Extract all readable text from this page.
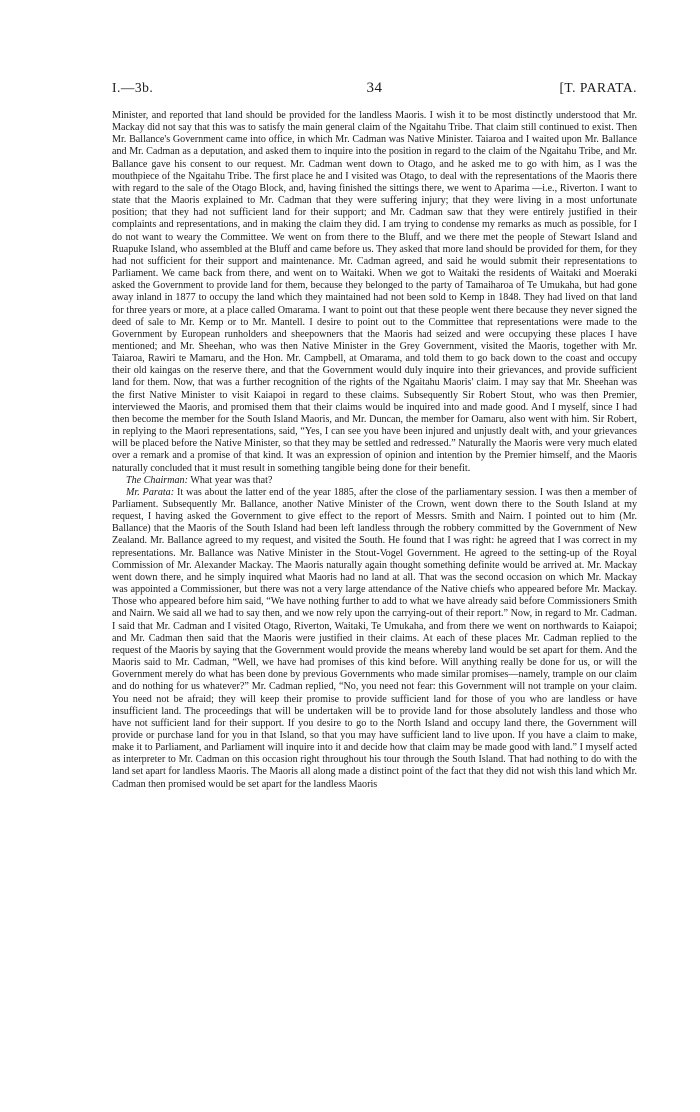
I.—3b.	34	[T. PARATA.

Minister, and reported that land should be provided for the landless Maoris. I wish it to be most distinctly understood that Mr. Mackay did not say that this was to satisfy the main general claim of the Ngaitahu Tribe. That claim still continued to exist. Then Mr. Ballance's Government came into office, in which Mr. Cadman was Native Minister. Taiaroa and I waited upon Mr. Ballance and Mr. Cadman as a deputation, and asked them to inquire into the position in regard to the claim of the Ngaitahu Tribe, and Mr. Ballance gave his consent to our request. Mr. Cadman went down to Otago, and he asked me to go with him, as I was the mouthpiece of the Ngaitahu Tribe. The first place he and I visited was Otago, to deal with the representations of the Maoris there with regard to the sale of the Otago Block, and, having finished the sittings there, we went to Aparima —i.e., Riverton. I want to state that the Maoris explained to Mr. Cadman that they were suffering injury; that they were living in a most unfortunate position; that they had not sufficient land for their support; and Mr. Cadman saw that they were entirely justified in their complaints and representations, and in making the claim they did. I am trying to condense my remarks as much as possible, for I do not want to weary the Committee. We went on from there to the Bluff, and we there met the people of Stewart Island and Ruapuke Island, who assembled at the Bluff and came before us. They asked that more land should be provided for them, for they had not sufficient for their support and maintenance. Mr. Cadman agreed, and said he would submit their representations to Parliament. We came back from there, and went on to Waitaki. When we got to Waitaki the residents of Waitaki and Moeraki asked the Government to provide land for them, because they belonged to the party of Tamaiharoa of Te Umukaha, but had gone away inland in 1877 to occupy the land which they maintained had not been sold to Kemp in 1848. They had lived on that land for three years or more, at a place called Omarama. I want to point out that these people went there because they never signed the deed of sale to Mr. Kemp or to Mr. Mantell. I desire to point out to the Committee that representations were made to the Government by European runholders and sheepowners that the Maoris had seized and were occupying these places I have mentioned; and Mr. Sheehan, who was then Native Minister in the Grey Government, visited the Maoris, together with Mr. Taiaroa, Rawiri te Mamaru, and the Hon. Mr. Campbell, at Omarama, and told them to go back down to the coast and occupy their old kaingas on the reserve there, and that the Government would duly inquire into their grievances, and provide sufficient land for them. Now, that was a further recognition of the rights of the Ngaitahu Maoris' claim. I may say that Mr. Sheehan was the first Native Minister to visit Kaiapoi in regard to these claims. Subsequently Sir Robert Stout, who was then Premier, interviewed the Maoris, and promised them that their claims would be inquired into and made good. And I myself, since I had then become the member for the South Island Maoris, and Mr. Duncan, the member for Oamaru, also went with him. Sir Robert, in replying to the Maori representations, said, “Yes, I can see you have been injured and unjustly dealt with, and your grievances will be placed before the Native Minister, so that they may be settled and redressed.” Naturally the Maoris were very much elated over a remark and a promise of that kind. It was an expression of opinion and intention by the Premier himself, and the Maoris naturally concluded that it must result in something tangible being done for their benefit.

The Chairman: What year was that?

Mr. Parata: It was about the latter end of the year 1885, after the close of the parliamentary session. I was then a member of Parliament. Subsequently Mr. Ballance, another Native Minister of the Crown, went down there to the South Island at my request, I having asked the Government to give effect to the report of Messrs. Smith and Nairn. I pointed out to him (Mr. Ballance) that the Maoris of the South Island had been left landless through the robbery committed by the Government of New Zealand. Mr. Ballance agreed to my request, and visited the South. He found that I was right: he agreed that I was correct in my representations. Mr. Ballance was Native Minister in the Stout-Vogel Government. He agreed to the setting-up of the Royal Commission of Mr. Alexander Mackay. The Maoris naturally again thought something definite would be arrived at. Mr. Mackay went down there, and he simply inquired what Maoris had no land at all. That was the second occasion on which Mr. Mackay was appointed a Commissioner, but there was not a very large attendance of the Native chiefs who appeared before Mr. Mackay. Those who appeared before him said, “We have nothing further to add to what we have already said before Commissioners Smith and Nairn. We said all we had to say then, and we now rely upon the carrying-out of their report.” Now, in regard to Mr. Cadman. I said that Mr. Cadman and I visited Otago, Riverton, Waitaki, Te Umukaha, and from there we went on northwards to Kaiapoi; and Mr. Cadman then said that the Maoris were justified in their claims. At each of these places Mr. Cadman replied to the request of the Maoris by saying that the Government would provide the means whereby land would be set apart for them. And the Maoris said to Mr. Cadman, “Well, we have had promises of this kind before. Will anything really be done for us, or will the Government merely do what has been done by previous Governments who made similar promises—namely, trample on our claim and do nothing for us whatever?” Mr. Cadman replied, “No, you need not fear: this Government will not trample on your claim. You need not be afraid; they will keep their promise to provide sufficient land for those of you who are landless or have insufficient land. The proceedings that will be undertaken will be to provide land for those absolutely landless and those who have not sufficient land for their support. If you desire to go to the North Island and occupy land there, the Government will provide or purchase land for you in that Island, so that you may have sufficient land to live upon. If you have a claim to make, make it to Parliament, and Parliament will inquire into it and decide how that claim may be made good with land.” I myself acted as interpreter to Mr. Cadman on this occasion right throughout his tour through the South Island. That had nothing to do with the land set apart for landless Maoris. The Maoris all along made a distinct point of the fact that they did not wish this land which Mr. Cadman then promised would be set apart for the landless Maoris
